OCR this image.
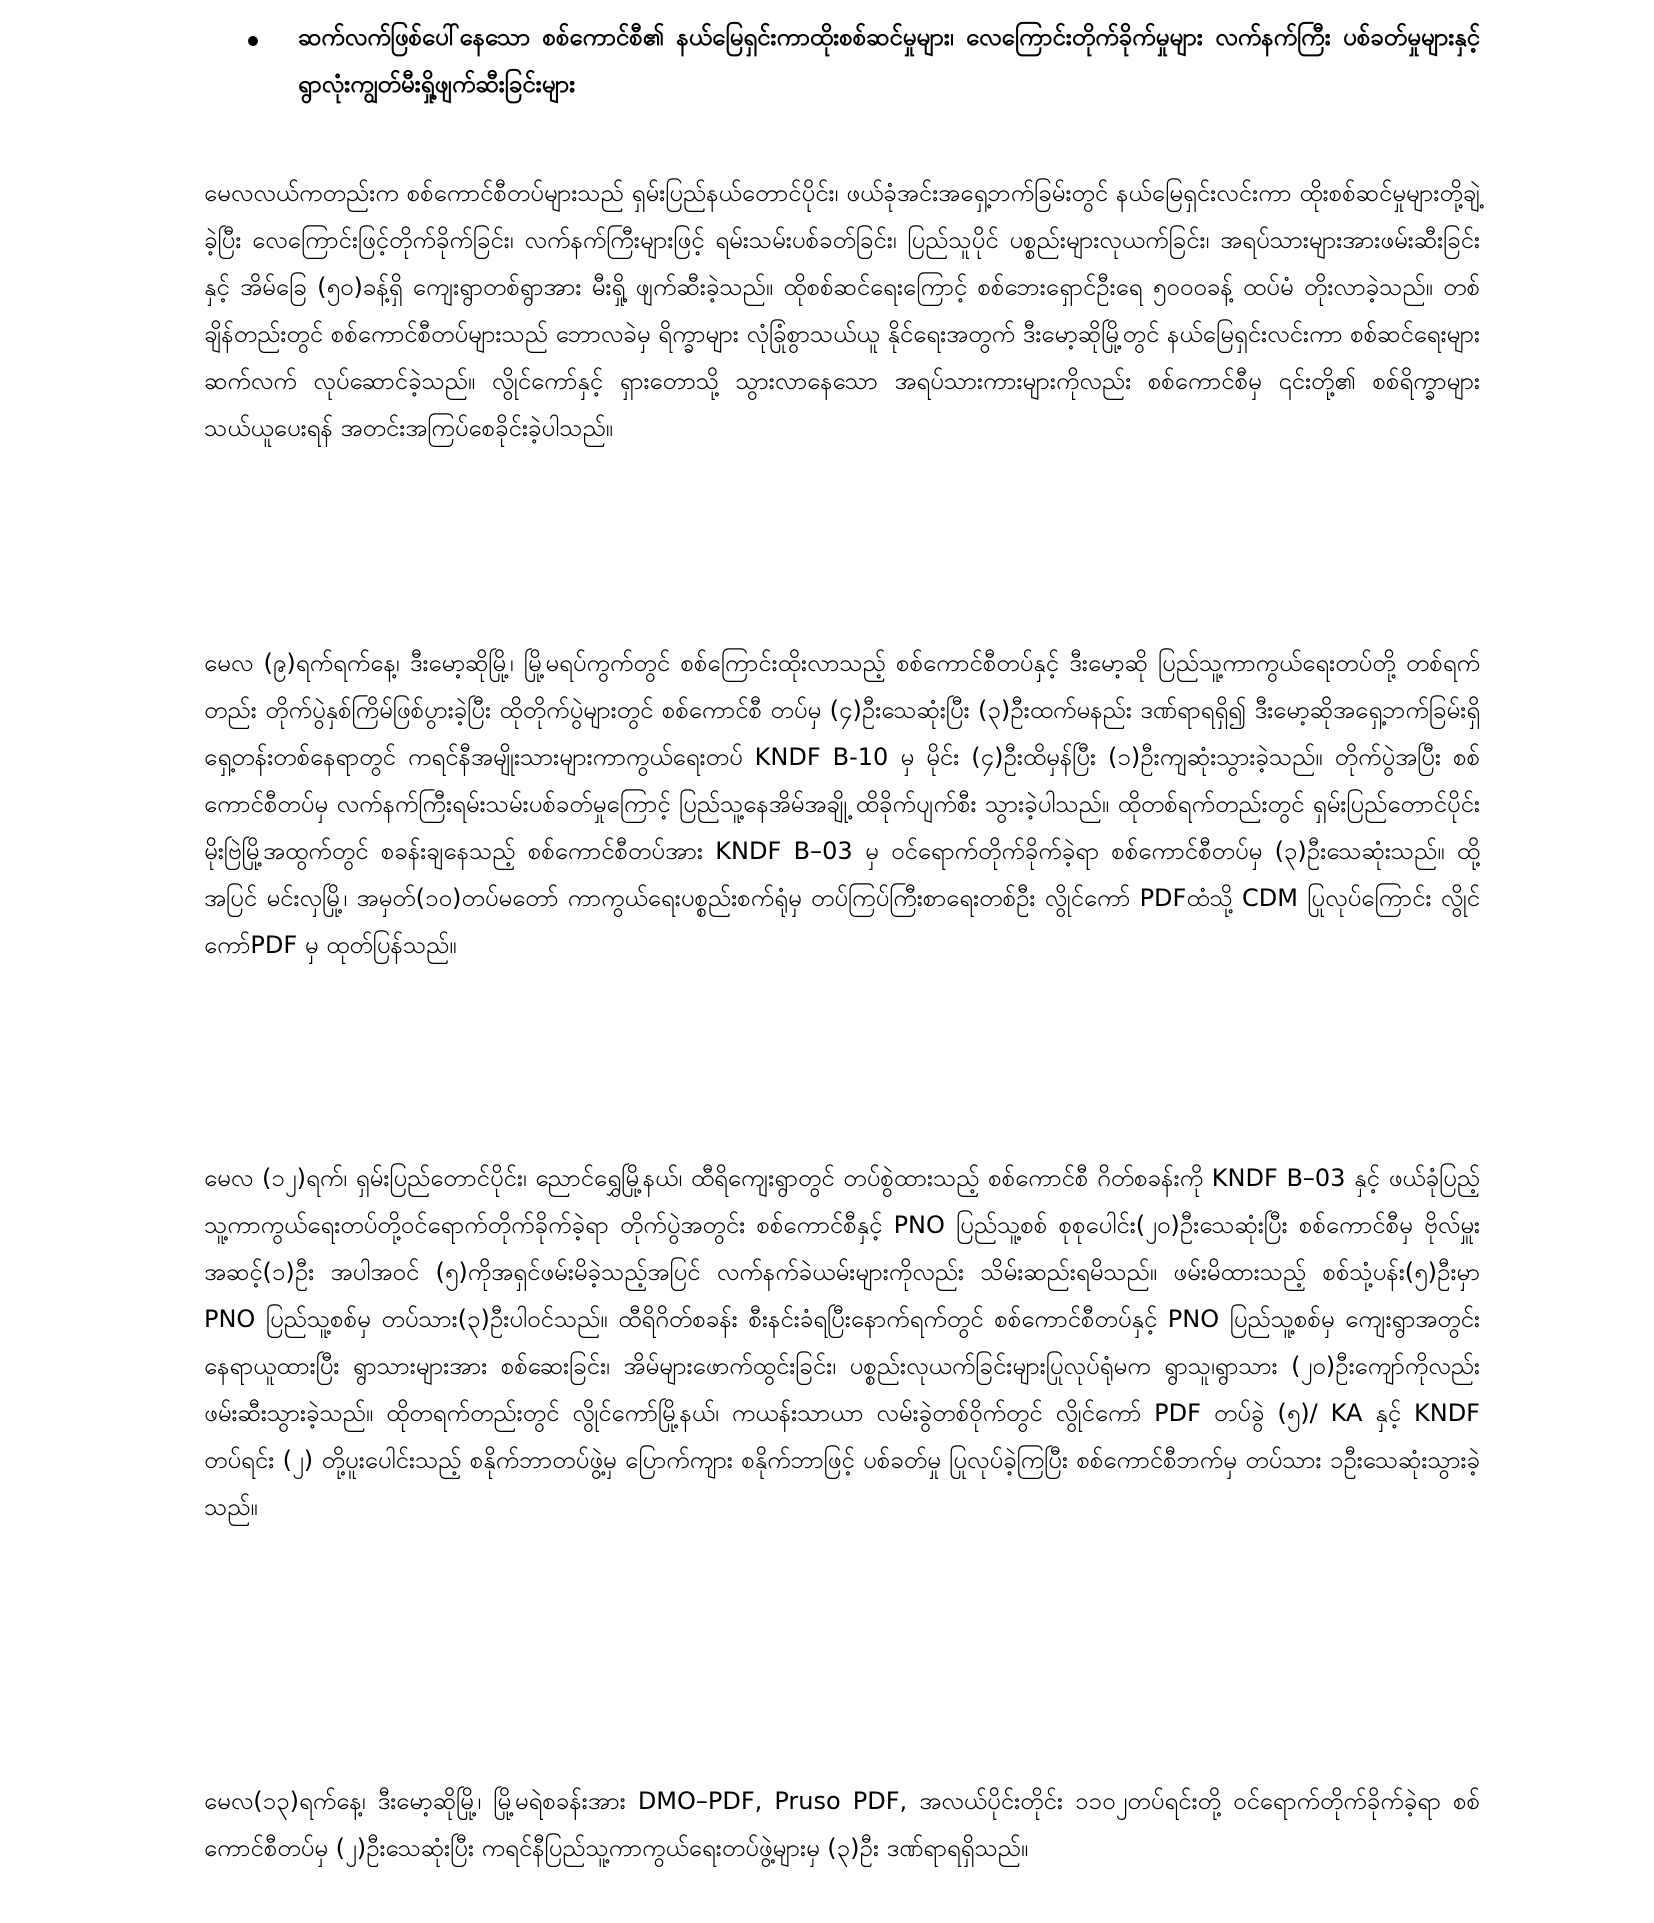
ဆက်လက်ဖြစ်ပေါ်နေသော စစ်ကောင်စီ၏ နယ်မြေရှင်းကာထိုးစစ်ဆင်မှုများ၊ လေကြောင်းတိုက်ခိုက်မှုများ လက်နက်ကြီး ပစ်ခတ်မှုများနှင့် ရွာလုံးကျွတ်မီးရှို့ဖျက်ဆီးခြင်းများ

မေလလယ်ကတည်းက စစ်ကောင်စီတပ်များသည် ရှမ်းပြည်နယ်တောင်ပိုင်း၊ ဖယ်ခုံအင်းအရှေ့ဘက်ခြမ်းတွင် နယ်မြေရှင်းလင်းကာ ထိုးစစ်ဆင်မှုများတို့ချဲ့ခဲ့ပြီး လေကြောင်းဖြင့်တိုက်ခိုက်ခြင်း၊ လက်နက်ကြီးများဖြင့် ရမ်းသမ်းပစ်ခတ်ခြင်း၊ ပြည်သူပိုင် ပစ္စည်းများလုယက်ခြင်း၊ အရပ်သားများအားဖမ်းဆီးခြင်းနှင့် အိမ်ခြေ (၅၀)ခန့်ရှိ ကျေးရွာတစ်ရွာအား မီးရှို့ ဖျက်ဆီးခဲ့သည်။ ထိုစစ်ဆင်ရေးကြောင့် စစ်ဘေးရှောင်ဦးရေ ၅၀၀၀ခန့် ထပ်မံ တိုးလာခဲ့သည်။ တစ်ချိန်တည်းတွင် စစ်ကောင်စီတပ်များသည် ဘောလခဲမှ ရိက္ခာများ လုံခြုံစွာသယ်ယူ နိုင်ရေးအတွက် ဒီးမော့ဆိုမြို့တွင် နယ်မြေရှင်းလင်းကာ စစ်ဆင်ရေးများ ဆက်လက် လုပ်ဆောင်ခဲ့သည်။ လွိုင်ကော်နှင့် ရှားတောသို့ သွားလာနေသော အရပ်သားကားများကိုလည်း စစ်ကောင်စီမှ ၎င်းတို့၏ စစ်ရိက္ခာများ သယ်ယူပေးရန် အတင်းအကြပ်စေခိုင်းခဲ့ပါသည်။

မေလ (၉)ရက်ရက်နေ့၊ ဒီးမော့ဆိုမြို့၊ မြို့မရပ်ကွက်တွင် စစ်ကြောင်းထိုးလာသည့် စစ်ကောင်စီတပ်နှင့် ဒီးမော့ဆို ပြည်သူ့ကာကွယ်ရေးတပ်တို့ တစ်ရက်တည်း တိုက်ပွဲနှစ်ကြိမ်ဖြစ်ပွားခဲ့ပြီး ထိုတိုက်ပွဲများတွင် စစ်ကောင်စီ တပ်မှ (၄)ဦးသေဆုံးပြီး (၃)ဦးထက်မနည်း ဒဏ်ရာရရှိ၍ ဒီးမော့ဆိုအရှေ့ဘက်ခြမ်းရှိ ရှေ့တန်းတစ်နေရာတွင် ကရင်နီအမျိုးသားများကာကွယ်ရေးတပ် KNDF B-10 မှ မိုင်း (၄)ဦးထိမှန်ပြီး (၁)ဦးကျဆုံးသွားခဲ့သည်။ တိုက်ပွဲအပြီး စစ်ကောင်စီတပ်မှ လက်နက်ကြီးရမ်းသမ်းပစ်ခတ်မှုကြောင့် ပြည်သူ့နေအိမ်အချို့ ထိခိုက်ပျက်စီး သွားခဲ့ပါသည်။ ထိုတစ်ရက်တည်းတွင် ရှမ်းပြည်တောင်ပိုင်း မိုးဗြဲမြို့အထွက်တွင် စခန်းချနေသည့် စစ်ကောင်စီတပ်အား KNDF B–03 မှ ဝင်ရောက်တိုက်ခိုက်ခဲ့ရာ စစ်ကောင်စီတပ်မှ (၃)ဦးသေဆုံးသည်။ ထို့အပြင် မင်းလှမြို့၊ အမှတ်(၁၀)တပ်မတော် ကာကွယ်ရေးပစ္စည်းစက်ရုံမှ တပ်ကြပ်ကြီးစာရေးတစ်ဦး လွိုင်ကော် PDFထံသို့ CDM ပြုလုပ်ကြောင်း လွိုင်ကော်PDF မှ ထုတ်ပြန်သည်။

မေလ (၁၂)ရက်၊ ရှမ်းပြည်တောင်ပိုင်း၊ ညောင်ရွှေမြို့နယ်၊ ထီရိကျေးရွာတွင် တပ်စွဲထားသည့် စစ်ကောင်စီ ဂိတ်စခန်းကို KNDF B–03 နှင့် ဖယ်ခုံပြည့်သူ့ကာကွယ်ရေးတပ်တို့ဝင်ရောက်တိုက်ခိုက်ခဲ့ရာ တိုက်ပွဲအတွင်း စစ်ကောင်စီနှင့် PNO ပြည်သူ့စစ် စုစုပေါင်း(၂၀)ဦးသေဆုံးပြီး စစ်ကောင်စီမှ ဗိုလ်မှူး အဆင့်(၁)ဦး အပါအဝင် (၅)ကိုအရှင်ဖမ်းမိခဲ့သည့်အပြင် လက်နက်ခဲယမ်းများကိုလည်း သိမ်းဆည်းရမိသည်။ ဖမ်းမိထားသည့် စစ်သုံ့ပန်း(၅)ဦးမှာ PNO ပြည်သူ့စစ်မှ တပ်သား(၃)ဦးပါဝင်သည်။ ထီရိဂိတ်စခန်း စီးနင်းခံရပြီးနောက်ရက်တွင် စစ်ကောင်စီတပ်နှင့် PNO ပြည်သူ့စစ်မှ ကျေးရွာအတွင်း နေရာယူထားပြီး ရွာသားများအား စစ်ဆေးခြင်း၊ အိမ်များဖောက်ထွင်းခြင်း၊ ပစ္စည်းလုယက်ခြင်းများပြုလုပ်ရုံမက ရွာသူ၊ရွာသား (၂၀)ဦးကျော်ကိုလည်း ဖမ်းဆီးသွားခဲ့သည်။ ထိုတရက်တည်းတွင် လွိုင်ကော်မြို့နယ်၊ ကယန်းသာယာ လမ်းခွဲတစ်ဝိုက်တွင် လွိုင်ကော် PDF တပ်ခွဲ (၅)/ KA နှင့် KNDF တပ်ရင်း (၂) တို့ပူးပေါင်းသည့် စနိုက်ဘာတပ်ဖွဲ့မှ ပြောက်ကျား စနိုက်ဘာဖြင့် ပစ်ခတ်မှု ပြုလုပ်ခဲ့ကြပြီး စစ်ကောင်စီဘက်မှ တပ်သား ၁ဦးသေဆုံးသွားခဲ့သည်။

မေလ(၁၃)ရက်နေ့၊ ဒီးမော့ဆိုမြို့၊ မြို့မရဲစခန်းအား DMO–PDF, Pruso PDF, အလယ်ပိုင်းတိုင်း ၁၁၀၂တပ်ရင်းတို့ ဝင်ရောက်တိုက်ခိုက်ခဲ့ရာ စစ်ကောင်စီတပ်မှ (၂)ဦးသေဆုံးပြီး ကရင်နီပြည်သူ့ကာကွယ်ရေးတပ်ဖွဲ့များမှ (၃)ဦး ဒဏ်ရာရရှိသည်။
